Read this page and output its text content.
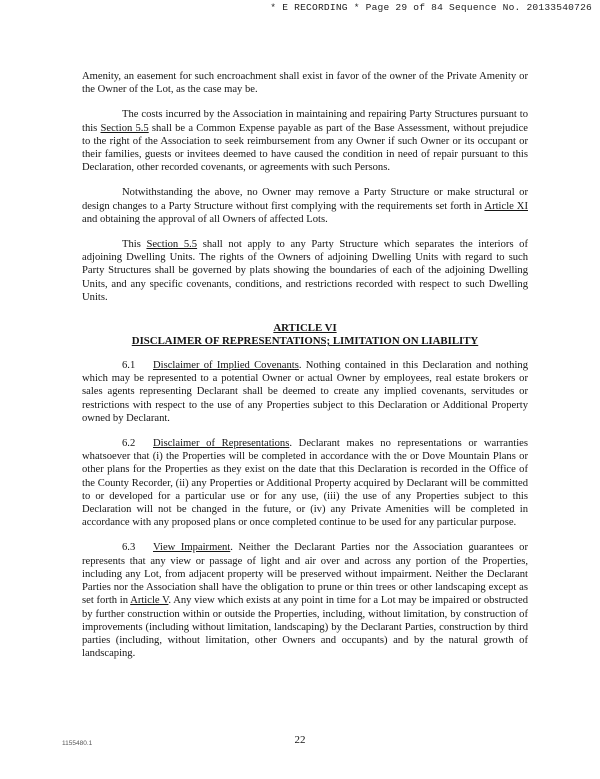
* E RECORDING * Page 29 of 84 Sequence No. 20133540726

Amenity, an easement for such encroachment shall exist in favor of the owner of the Private Amenity or the Owner of the Lot, as the case may be.

The costs incurred by the Association in maintaining and repairing Party Structures pursuant to this Section 5.5 shall be a Common Expense payable as part of the Base Assessment, without prejudice to the right of the Association to seek reimbursement from any Owner if such Owner or its occupant or their families, guests or invitees deemed to have caused the condition in need of repair pursuant to this Declaration, other recorded covenants, or agreements with such Persons.

Notwithstanding the above, no Owner may remove a Party Structure or make structural or design changes to a Party Structure without first complying with the requirements set forth in Article XI and obtaining the approval of all Owners of affected Lots.

This Section 5.5 shall not apply to any Party Structure which separates the interiors of adjoining Dwelling Units. The rights of the Owners of adjoining Dwelling Units with regard to such Party Structures shall be governed by plats showing the boundaries of each of the adjoining Dwelling Units, and any specific covenants, conditions, and restrictions recorded with respect to such Dwelling Units.

ARTICLE VI
DISCLAIMER OF REPRESENTATIONS; LIMITATION ON LIABILITY

6.1 Disclaimer of Implied Covenants. Nothing contained in this Declaration and nothing which may be represented to a potential Owner or actual Owner by employees, real estate brokers or sales agents representing Declarant shall be deemed to create any implied covenants, servitudes or restrictions with respect to the use of any Properties subject to this Declaration or Additional Property owned by Declarant.

6.2 Disclaimer of Representations. Declarant makes no representations or warranties whatsoever that (i) the Properties will be completed in accordance with the or Dove Mountain Plans or other plans for the Properties as they exist on the date that this Declaration is recorded in the Office of the County Recorder, (ii) any Properties or Additional Property acquired by Declarant will be committed to or developed for a particular use or for any use, (iii) the use of any Properties subject to this Declaration will not be changed in the future, or (iv) any Private Amenities will be completed in accordance with any proposed plans or once completed continue to be used for any particular purpose.

6.3 View Impairment. Neither the Declarant Parties nor the Association guarantees or represents that any view or passage of light and air over and across any portion of the Properties, including any Lot, from adjacent property will be preserved without impairment. Neither the Declarant Parties nor the Association shall have the obligation to prune or thin trees or other landscaping except as set forth in Article V. Any view which exists at any point in time for a Lot may be impaired or obstructed by further construction within or outside the Properties, including, without limitation, by construction of improvements (including without limitation, landscaping) by the Declarant Parties, construction by third parties (including, without limitation, other Owners and occupants) and by the natural growth of landscaping.

1155480.1	22
